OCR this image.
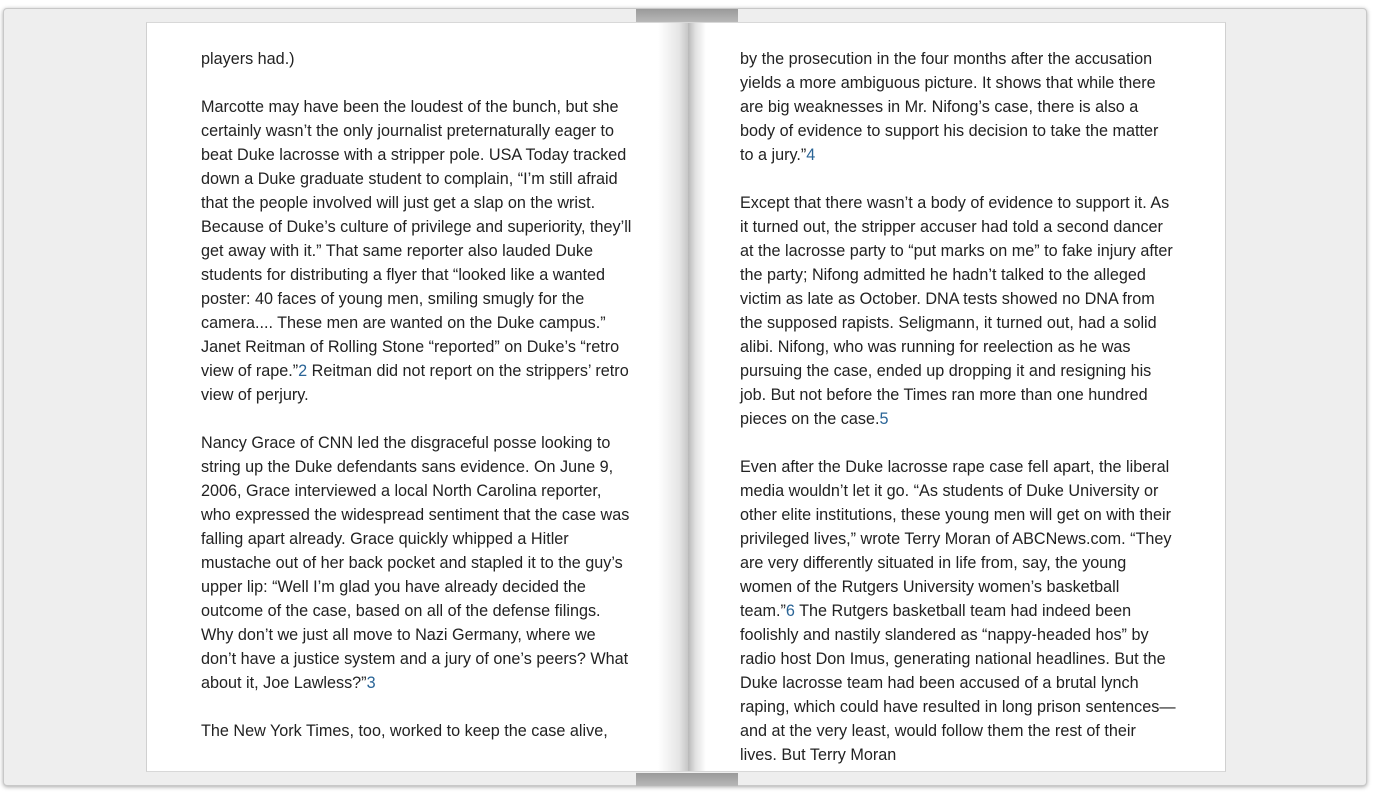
players had.)

Marcotte may have been the loudest of the bunch, but she certainly wasn’t the only journalist preternaturally eager to beat Duke lacrosse with a stripper pole. USA Today tracked down a Duke graduate student to complain, “I’m still afraid that the people involved will just get a slap on the wrist. Because of Duke’s culture of privilege and superiority, they’ll get away with it.” That same reporter also lauded Duke students for distributing a flyer that “looked like a wanted poster: 40 faces of young men, smiling smugly for the camera.... These men are wanted on the Duke campus.” Janet Reitman of Rolling Stone “reported” on Duke’s “retro view of rape.”2 Reitman did not report on the strippers’ retro view of perjury.

Nancy Grace of CNN led the disgraceful posse looking to string up the Duke defendants sans evidence. On June 9, 2006, Grace interviewed a local North Carolina reporter, who expressed the widespread sentiment that the case was falling apart already. Grace quickly whipped a Hitler mustache out of her back pocket and stapled it to the guy’s upper lip: “Well I’m glad you have already decided the outcome of the case, based on all of the defense filings. Why don’t we just all move to Nazi Germany, where we don’t have a justice system and a jury of one’s peers? What about it, Joe Lawless?”3

The New York Times, too, worked to keep the case alive,

by the prosecution in the four months after the accusation yields a more ambiguous picture. It shows that while there are big weaknesses in Mr. Nifong’s case, there is also a body of evidence to support his decision to take the matter to a jury.”4

Except that there wasn’t a body of evidence to support it. As it turned out, the stripper accuser had told a second dancer at the lacrosse party to “put marks on me” to fake injury after the party; Nifong admitted he hadn’t talked to the alleged victim as late as October. DNA tests showed no DNA from the supposed rapists. Seligmann, it turned out, had a solid alibi. Nifong, who was running for reelection as he was pursuing the case, ended up dropping it and resigning his job. But not before the Times ran more than one hundred pieces on the case.5

Even after the Duke lacrosse rape case fell apart, the liberal media wouldn’t let it go. “As students of Duke University or other elite institutions, these young men will get on with their privileged lives,” wrote Terry Moran of ABCNews.com. “They are very differently situated in life from, say, the young women of the Rutgers University women’s basketball team.”6 The Rutgers basketball team had indeed been foolishly and nastily slandered as “nappy-headed hos” by radio host Don Imus, generating national headlines. But the Duke lacrosse team had been accused of a brutal lynch raping, which could have resulted in long prison sentences—and at the very least, would follow them the rest of their lives. But Terry Moran
